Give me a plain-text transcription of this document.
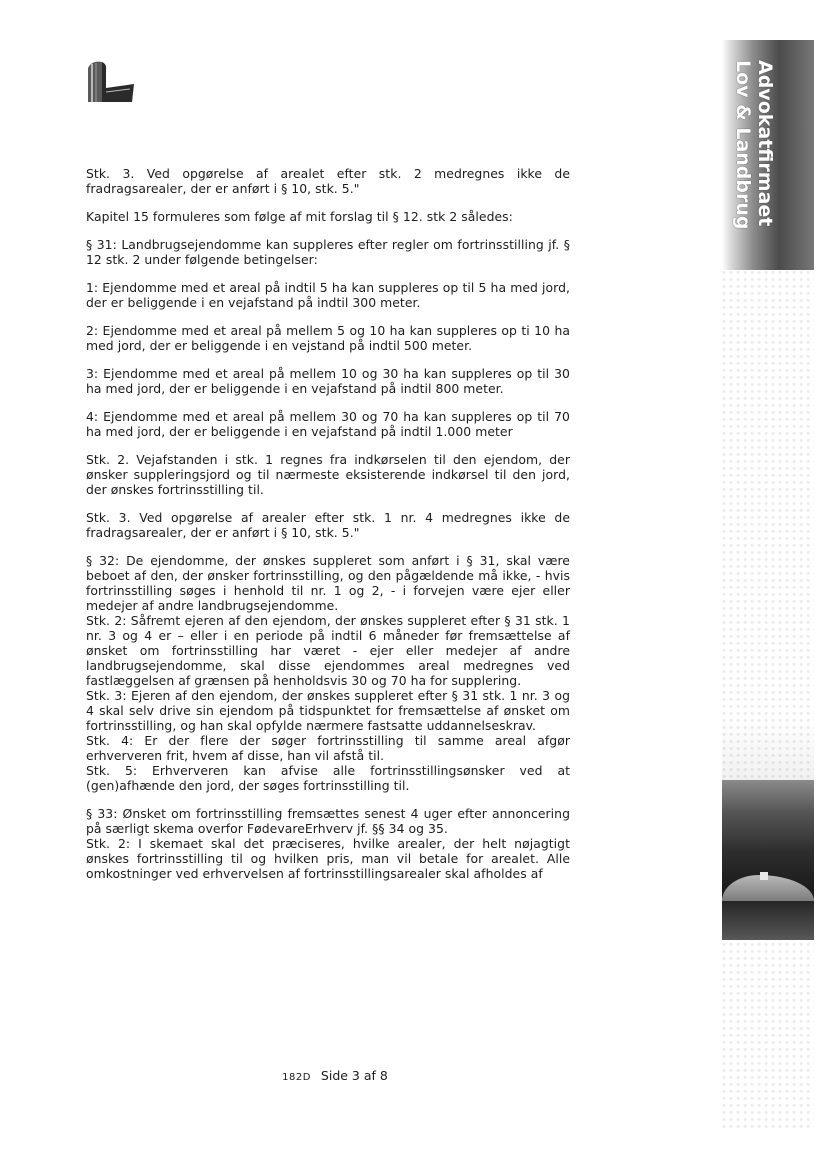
Advokatfirmaet
Lov & Landbrug

Stk. 3. Ved opgørelse af arealet efter stk. 2 medregnes ikke de fradragsarealer, der er anført i § 10, stk. 5."

Kapitel 15 formuleres som følge af mit forslag til § 12. stk 2 således:

§ 31: Landbrugsejendomme kan suppleres efter regler om fortrinsstilling jf. § 12 stk. 2 under følgende betingelser:

1: Ejendomme med et areal på indtil 5 ha kan suppleres op til 5 ha med jord, der er beliggende i en vejafstand på indtil 300 meter.

2: Ejendomme med et areal på mellem 5 og 10 ha kan suppleres op ti 10 ha med jord, der er beliggende i en vejstand på indtil 500 meter.

3: Ejendomme med et areal på mellem 10 og 30 ha kan suppleres op til 30 ha med jord, der er beliggende i en vejafstand på indtil 800 meter.

4: Ejendomme med et areal på mellem 30 og 70 ha kan suppleres op til 70 ha med jord, der er beliggende i en vejafstand på indtil 1.000 meter

Stk. 2. Vejafstanden i stk. 1 regnes fra indkørselen til den ejendom, der ønsker suppleringsjord og til nærmeste eksisterende indkørsel til den jord, der ønskes fortrinsstilling til.

Stk. 3. Ved opgørelse af arealer efter stk. 1 nr. 4 medregnes ikke de fradragsarealer, der er anført i § 10, stk. 5."

§ 32: De ejendomme, der ønskes suppleret som anført i § 31, skal være beboet af den, der ønsker fortrinsstilling, og den pågældende må ikke, - hvis fortrinsstilling søges i henhold til nr. 1 og 2, - i forvejen være ejer eller medejer af andre landbrugsejendomme.

Stk. 2: Såfremt ejeren af den ejendom, der ønskes suppleret efter § 31 stk. 1 nr. 3 og 4 er – eller i en periode på indtil 6 måneder før fremsættelse af ønsket om fortrinsstilling har været - ejer eller medejer af andre landbrugsejendomme, skal disse ejendommes areal medregnes ved fastlæggelsen af grænsen på henholdsvis 30 og 70 ha for supplering.

Stk. 3: Ejeren af den ejendom, der ønskes suppleret efter § 31 stk. 1 nr. 3 og 4 skal selv drive sin ejendom på tidspunktet for fremsættelse af ønsket om fortrinsstilling, og han skal opfylde nærmere fastsatte uddannelseskrav.

Stk. 4: Er der flere der søger fortrinsstilling til samme areal afgør erhververen frit, hvem af disse, han vil afstå til.

Stk. 5: Erhververen kan afvise alle fortrinsstillingsønsker ved at (gen)afhænde den jord, der søges fortrinsstilling til.

§ 33: Ønsket om fortrinsstilling fremsættes senest 4 uger efter annoncering på særligt skema overfor FødevareErhverv jf. §§ 34 og 35.

Stk. 2: I skemaet skal det præciseres, hvilke arealer, der helt nøjagtigt ønskes fortrinsstilling til og hvilken pris, man vil betale for arealet. Alle omkostninger ved erhvervelsen af fortrinsstillingsarealer skal afholdes af

182D Side 3 af 8
